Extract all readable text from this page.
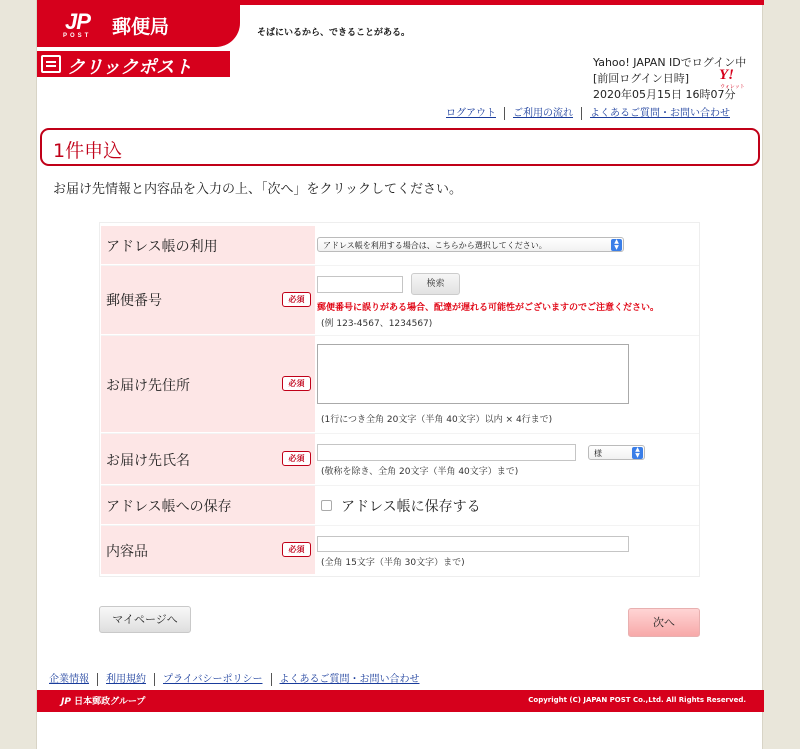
JP
POST 郵便局	そばにいるから、できることがある。
クリックポスト	Yahoo! JAPAN IDでログイン中
[前回ログイン日時]
2020年05月15日 16時07分
Y!
ウォレット
ログアウト	ご利用の流れ	よくあるご質問・お問い合わせ
1件申込
お届け先情報と内容品を入力の上、「次へ」をクリックしてください。
アドレス帳の利用	アドレス帳を利用する場合は、こちらから選択してください。	▲
▼
郵便番号	必須
検索
郵便番号に誤りがある場合、配達が遅れる可能性がございますのでご注意ください。
(例 123-4567、1234567)
お届け先住所	必須
(1行につき全角 20文字（半角 40文字）以内 × 4行まで)
お届け先氏名	必須
様	▲
▼
(敬称を除き、全角 20文字（半角 40文字）まで)
アドレス帳への保存	アドレス帳に保存する
内容品	必須
(全角 15文字（半角 30文字）まで)
マイページへ	次へ
企業情報	利用規約	プライバシーポリシー	よくあるご質問・お問い合わせ
JP 日本郵政グループ	Copyright (C) JAPAN POST Co.,Ltd. All Rights Reserved.
